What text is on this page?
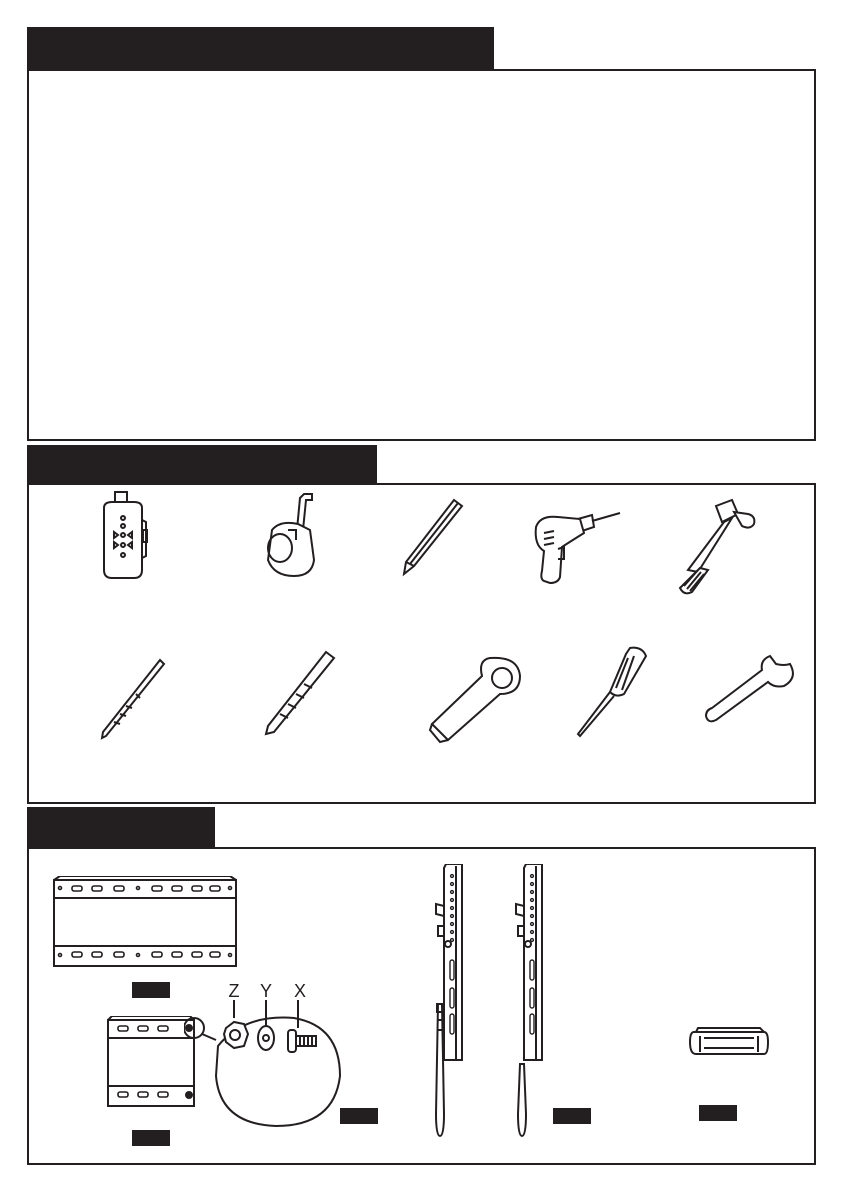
Z Y X
